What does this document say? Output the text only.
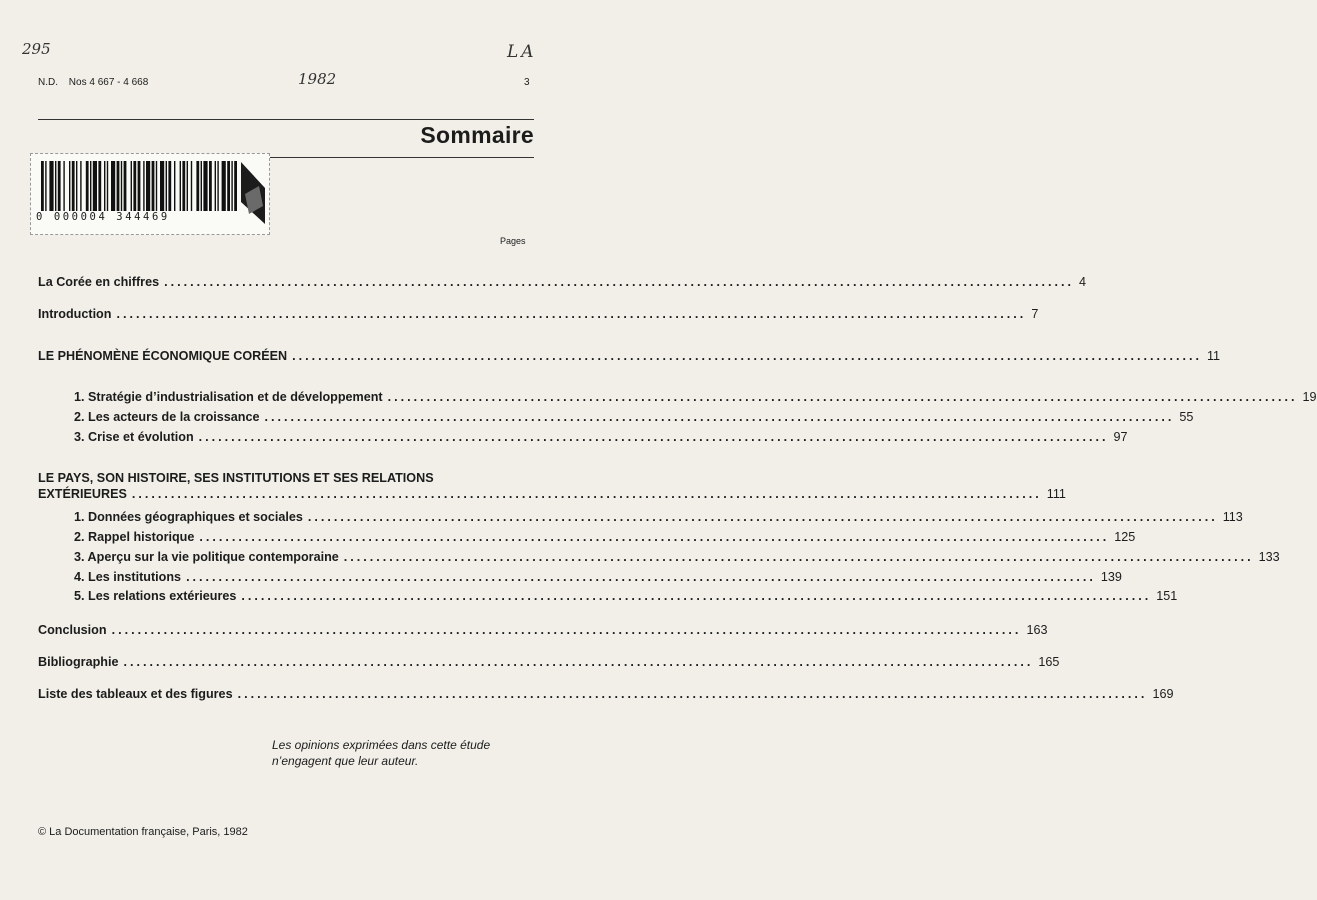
295	LA
1982
N.D. Nos 4 667 - 4 668	3
Sommaire
0 000004 344469
Pages
La Corée en chiffres ............................................................................................................................................ 4
Introduction ............................................................................................................................................ 7
LE PHÉNOMÈNE ÉCONOMIQUE CORÉEN ............................................................................................................................................ 11
1. Stratégie d’industrialisation et de développement ............................................................................................................................................ 19
2. Les acteurs de la croissance ............................................................................................................................................ 55
3. Crise et évolution ............................................................................................................................................ 97
LE PAYS, SON HISTOIRE, SES INSTITUTIONS ET SES RELATIONS
EXTÉRIEURES ............................................................................................................................................ 111
1. Données géographiques et sociales ............................................................................................................................................ 113
2. Rappel historique ............................................................................................................................................ 125
3. Aperçu sur la vie politique contemporaine ............................................................................................................................................ 133
4. Les institutions ............................................................................................................................................ 139
5. Les relations extérieures ............................................................................................................................................ 151
Conclusion ............................................................................................................................................ 163
Bibliographie ............................................................................................................................................ 165
Liste des tableaux et des figures ............................................................................................................................................ 169
Les opinions exprimées dans cette étude n’engagent que leur auteur.
© La Documentation française, Paris, 1982
